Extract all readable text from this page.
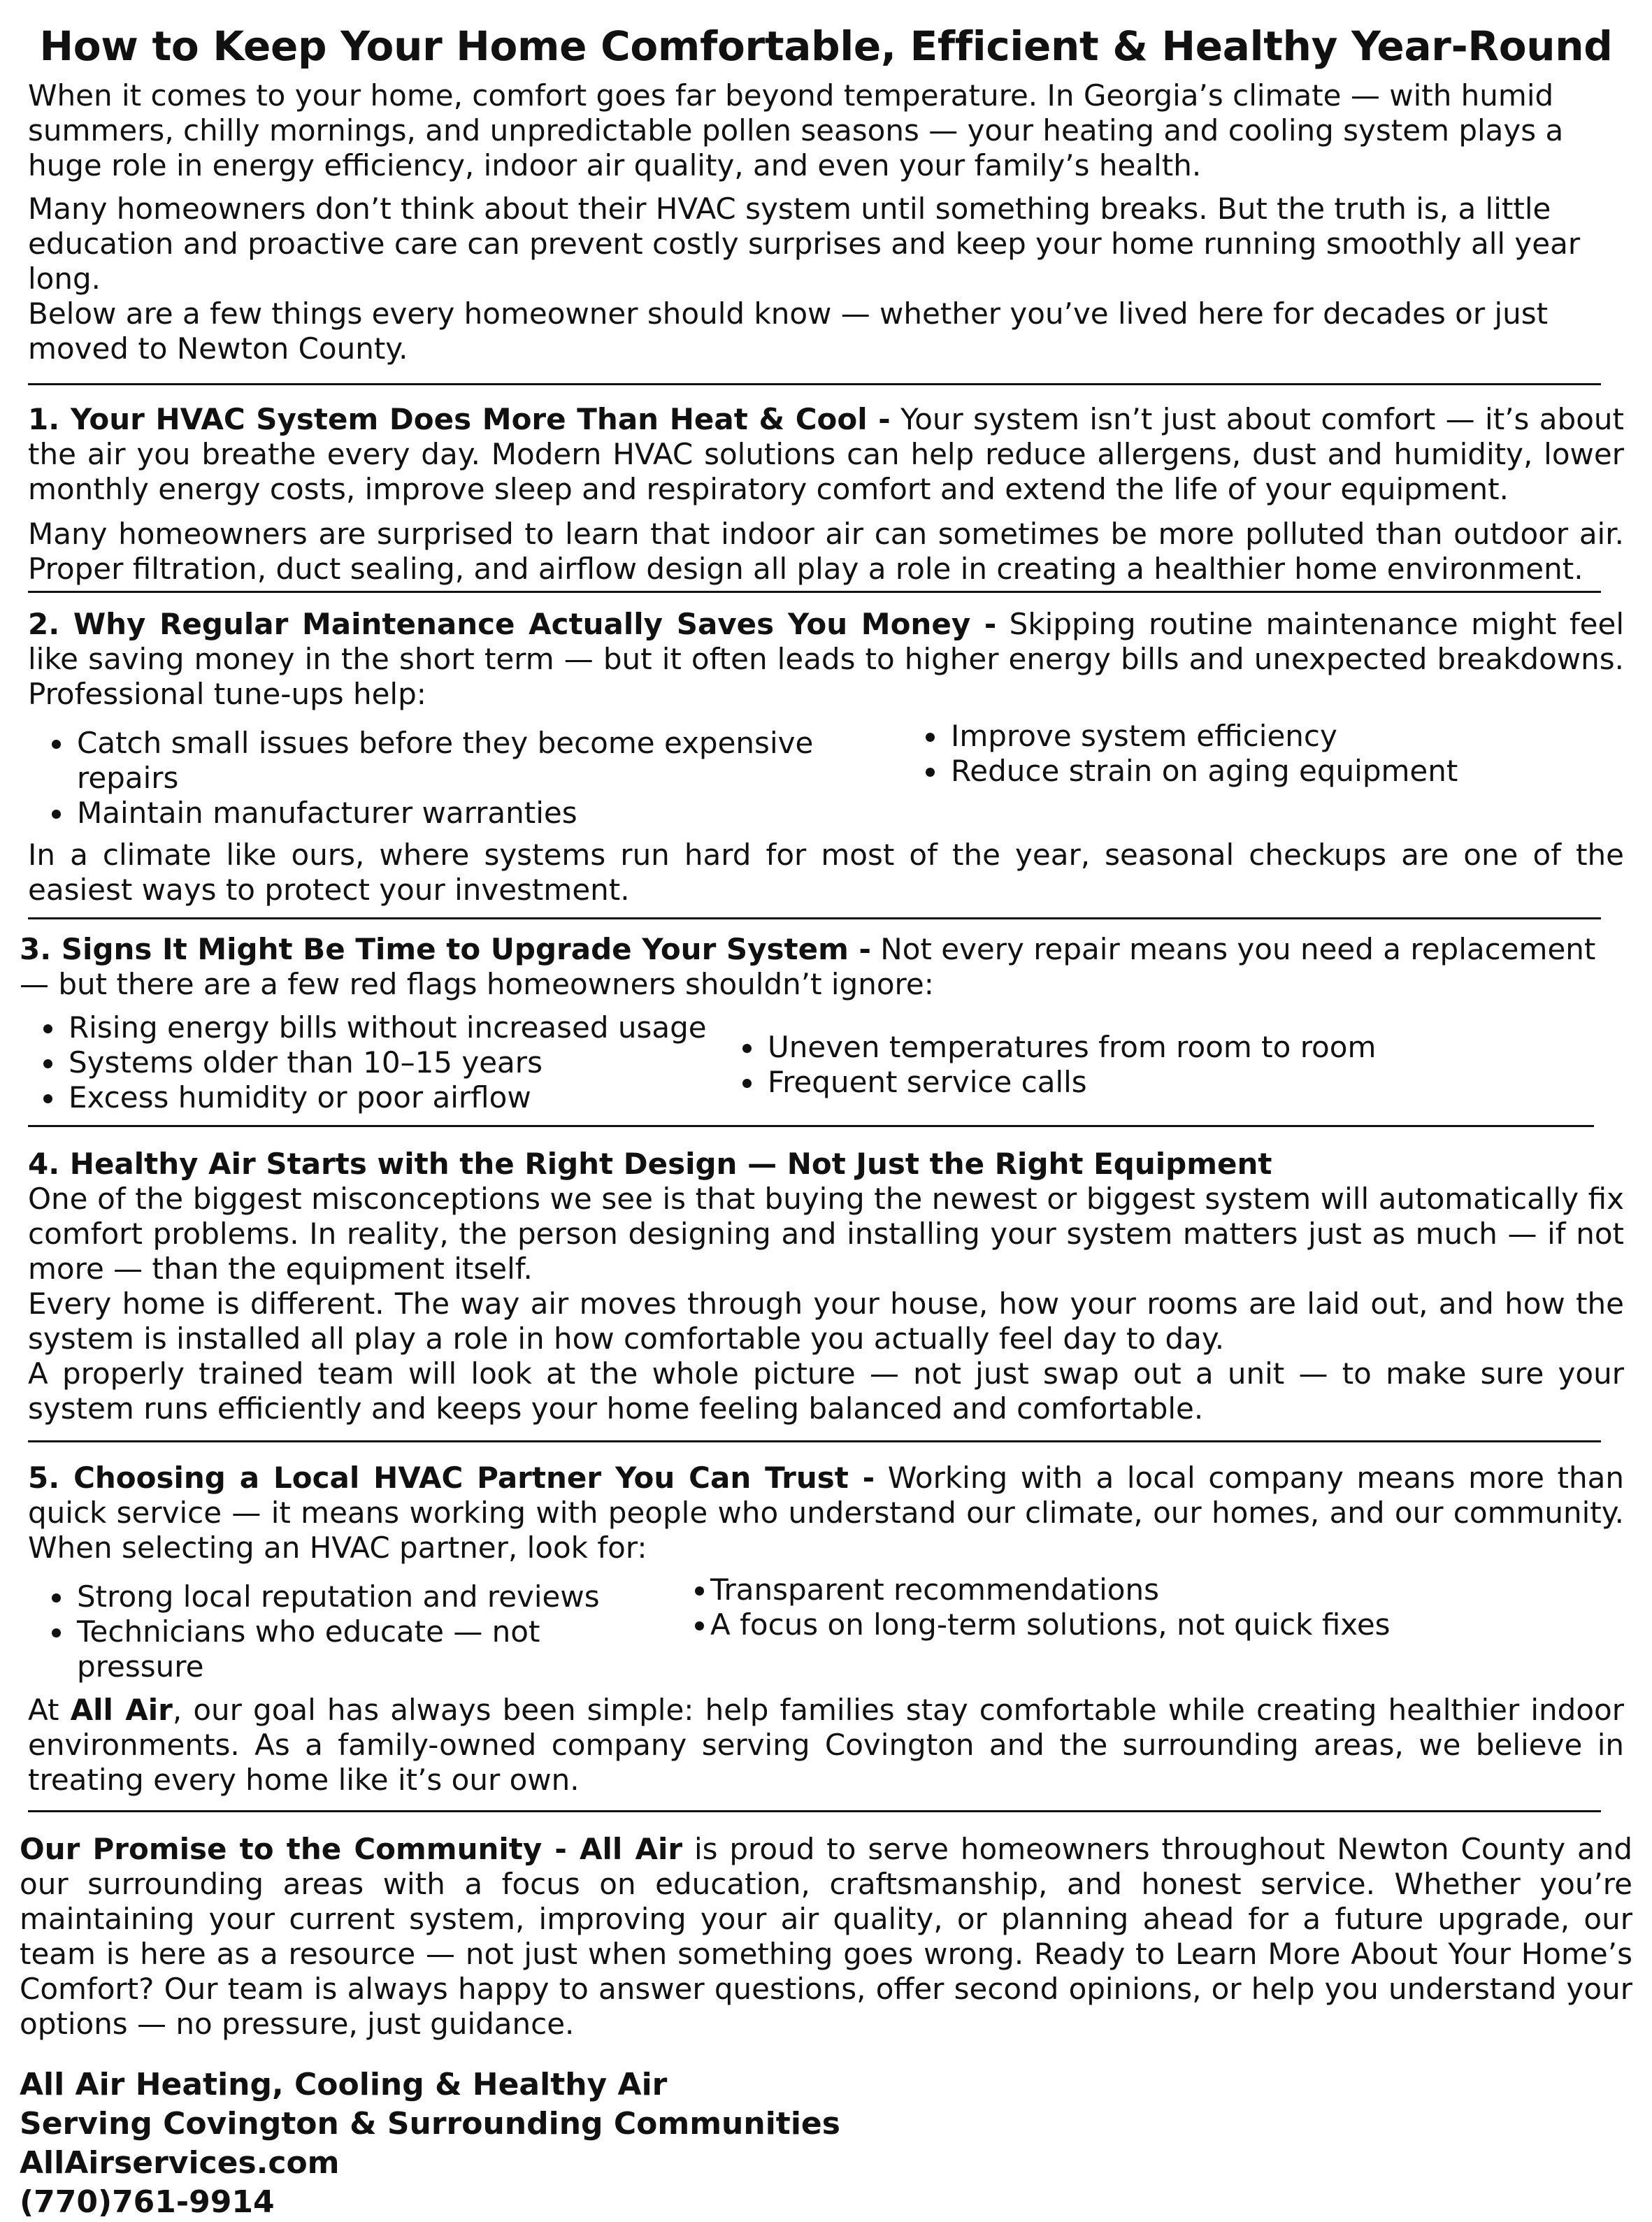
How to Keep Your Home Comfortable, Efficient & Healthy Year-Round

When it comes to your home, comfort goes far beyond temperature. In Georgia’s climate — with humid summers, chilly mornings, and unpredictable pollen seasons — your heating and cooling system plays a huge role in energy efficiency, indoor air quality, and even your family’s health.

Many homeowners don’t think about their HVAC system until something breaks. But the truth is, a little education and proactive care can prevent costly surprises and keep your home running smoothly all year long.

Below are a few things every homeowner should know — whether you’ve lived here for decades or just moved to Newton County.

1. Your HVAC System Does More Than Heat & Cool - Your system isn’t just about comfort — it’s about the air you breathe every day. Modern HVAC solutions can help reduce allergens, dust and humidity, lower monthly energy costs, improve sleep and respiratory comfort and extend the life of your equipment.

Many homeowners are surprised to learn that indoor air can sometimes be more polluted than outdoor air. Proper filtration, duct sealing, and airflow design all play a role in creating a healthier home environment.

2. Why Regular Maintenance Actually Saves You Money - Skipping routine maintenance might feel like saving money in the short term — but it often leads to higher energy bills and unexpected breakdowns. Professional tune-ups help:

Catch small issues before they become expensive repairs
Maintain manufacturer warranties
Improve system efficiency
Reduce strain on aging equipment

In a climate like ours, where systems run hard for most of the year, seasonal checkups are one of the easiest ways to protect your investment.

3. Signs It Might Be Time to Upgrade Your System - Not every repair means you need a replacement — but there are a few red flags homeowners shouldn’t ignore:

Rising energy bills without increased usage
Systems older than 10–15 years
Excess humidity or poor airflow
Uneven temperatures from room to room
Frequent service calls

4. Healthy Air Starts with the Right Design — Not Just the Right Equipment

One of the biggest misconceptions we see is that buying the newest or biggest system will automatically fix comfort problems. In reality, the person designing and installing your system matters just as much — if not more — than the equipment itself.

Every home is different. The way air moves through your house, how your rooms are laid out, and how the system is installed all play a role in how comfortable you actually feel day to day.

A properly trained team will look at the whole picture — not just swap out a unit — to make sure your system runs efficiently and keeps your home feeling balanced and comfortable.

5. Choosing a Local HVAC Partner You Can Trust - Working with a local company means more than quick service — it means working with people who understand our climate, our homes, and our community. When selecting an HVAC partner, look for:

Strong local reputation and reviews
Technicians who educate — not pressure
Transparent recommendations
A focus on long-term solutions, not quick fixes

At All Air, our goal has always been simple: help families stay comfortable while creating healthier indoor environments. As a family-owned company serving Covington and the surrounding areas, we believe in treating every home like it’s our own.

Our Promise to the Community - All Air is proud to serve homeowners throughout Newton County and our surrounding areas with a focus on education, craftsmanship, and honest service. Whether you’re maintaining your current system, improving your air quality, or planning ahead for a future upgrade, our team is here as a resource — not just when something goes wrong. Ready to Learn More About Your Home’s Comfort? Our team is always happy to answer questions, offer second opinions, or help you understand your options — no pressure, just guidance.

All Air Heating, Cooling & Healthy Air

Serving Covington & Surrounding Communities

AllAirservices.com

(770)761-9914
